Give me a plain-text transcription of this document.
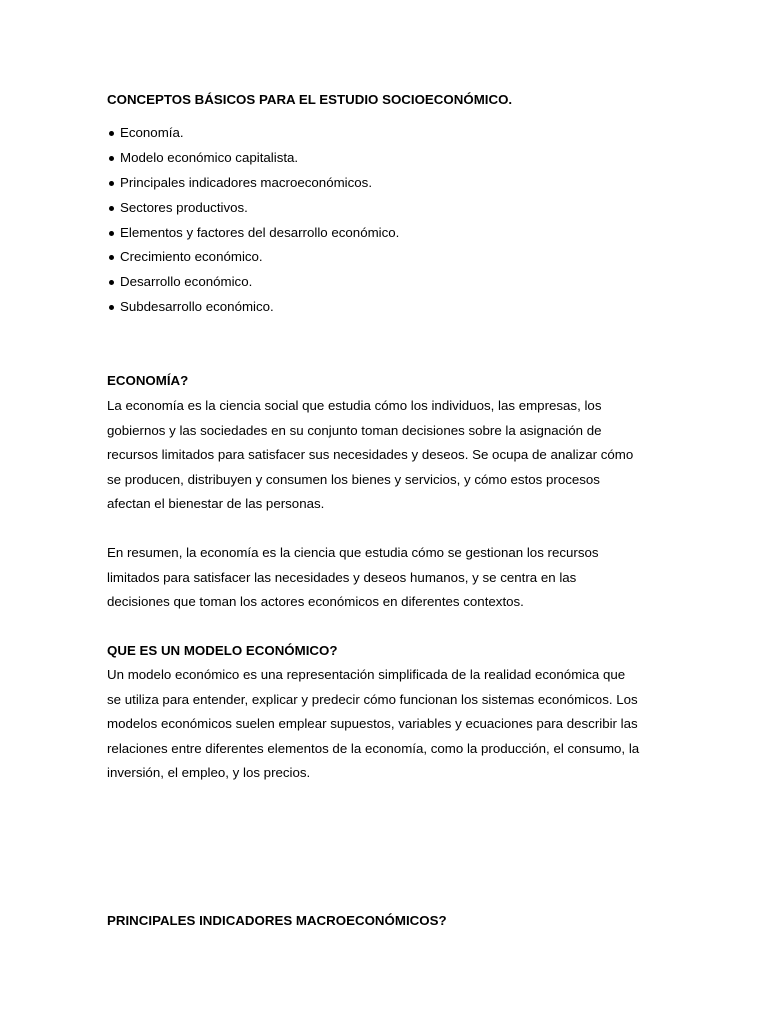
CONCEPTOS BÁSICOS PARA EL ESTUDIO SOCIOECONÓMICO.
Economía.
Modelo económico capitalista.
Principales indicadores macroeconómicos.
Sectores productivos.
Elementos y factores del desarrollo económico.
Crecimiento económico.
Desarrollo económico.
Subdesarrollo económico.
ECONOMÍA?

La economía es la ciencia social que estudia cómo los individuos, las empresas, los
gobiernos y las sociedades en su conjunto toman decisiones sobre la asignación de
recursos limitados para satisfacer sus necesidades y deseos. Se ocupa de analizar cómo
se producen, distribuyen y consumen los bienes y servicios, y cómo estos procesos
afectan el bienestar de las personas.

En resumen, la economía es la ciencia que estudia cómo se gestionan los recursos
limitados para satisfacer las necesidades y deseos humanos, y se centra en las
decisiones que toman los actores económicos en diferentes contextos.

QUE ES UN MODELO ECONÓMICO?

Un modelo económico es una representación simplificada de la realidad económica que
se utiliza para entender, explicar y predecir cómo funcionan los sistemas económicos. Los
modelos económicos suelen emplear supuestos, variables y ecuaciones para describir las
relaciones entre diferentes elementos de la economía, como la producción, el consumo, la
inversión, el empleo, y los precios.

PRINCIPALES INDICADORES MACROECONÓMICOS?
